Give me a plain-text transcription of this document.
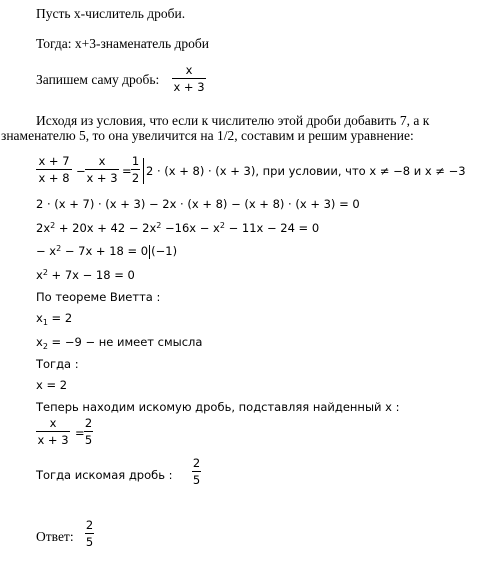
Пусть х-числитель дроби.
Тогда: х+3-знаменатель дроби
Запишем саму дробь:
x
x + 3
Исходя из условия, что если к числителю этой дроби добавить 7, а к
знаменателю 5, то она увеличится на 1/2, составим и решим уравнение:
x + 7
x + 8 −
x
x + 3 =
1
2 2 · (x + 8) · (x + 3), при условии, что x ≠ −8 и x ≠ −3
2 · (x + 7) · (x + 3) − 2x · (x + 8) − (x + 8) · (x + 3) = 0
$2x^2 + 20x + 42 - 2x^2 -16x - x^2 - 11x - 24 = 0$
− $x^2 - 7x + 18 = 0$ (−1)
$x^2 + 7x - 18 = 0$
По теореме Виетта :
$x_1 = 2$
$x_2 = -9$ − не имеет смысла
Тогда :
x = 2
Теперь находим искомую дробь, подставляя найденный x :
x
x + 3 =
2
5
Тогда искомая дробь :
2
5
Ответ:
2
5
